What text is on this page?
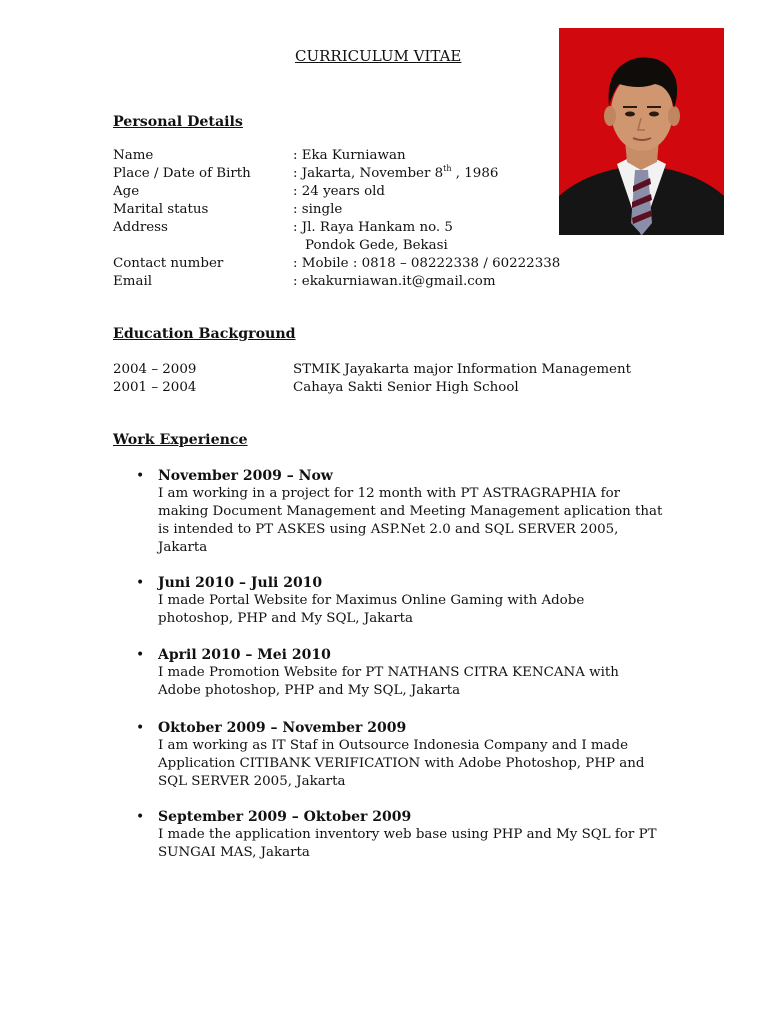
CURRICULUM VITAE
Personal Details
Name	: Eka Kurniawan
Place / Date of Birth	: Jakarta, November 8th , 1986
Age	: 24 years old
Marital status	: single
Address	: Jl. Raya Hankam no. 5
Pondok Gede, Bekasi
Contact number	: Mobile : 0818 – 08222338 / 60222338
Email	: ekakurniawan.it@gmail.com
Education Background
2004 – 2009	STMIK Jayakarta major Information Management
2001 – 2004	Cahaya Sakti Senior High School
Work Experience
• November 2009 – Now
I am working in a project for 12 month with PT ASTRAGRAPHIA for
making Document Management and Meeting Management aplication that
is intended to PT ASKES using ASP.Net 2.0 and SQL SERVER 2005,
Jakarta
• Juni 2010 – Juli 2010
I made Portal Website for Maximus Online Gaming with Adobe
photoshop, PHP and My SQL, Jakarta
• April 2010 – Mei 2010
I made Promotion Website for PT NATHANS CITRA KENCANA with
Adobe photoshop, PHP and My SQL, Jakarta
• Oktober 2009 – November 2009
I am working as IT Staf in Outsource Indonesia Company and I made
Application CITIBANK VERIFICATION with Adobe Photoshop, PHP and
SQL SERVER 2005, Jakarta
• September 2009 – Oktober 2009
I made the application inventory web base using PHP and My SQL for PT
SUNGAI MAS, Jakarta
